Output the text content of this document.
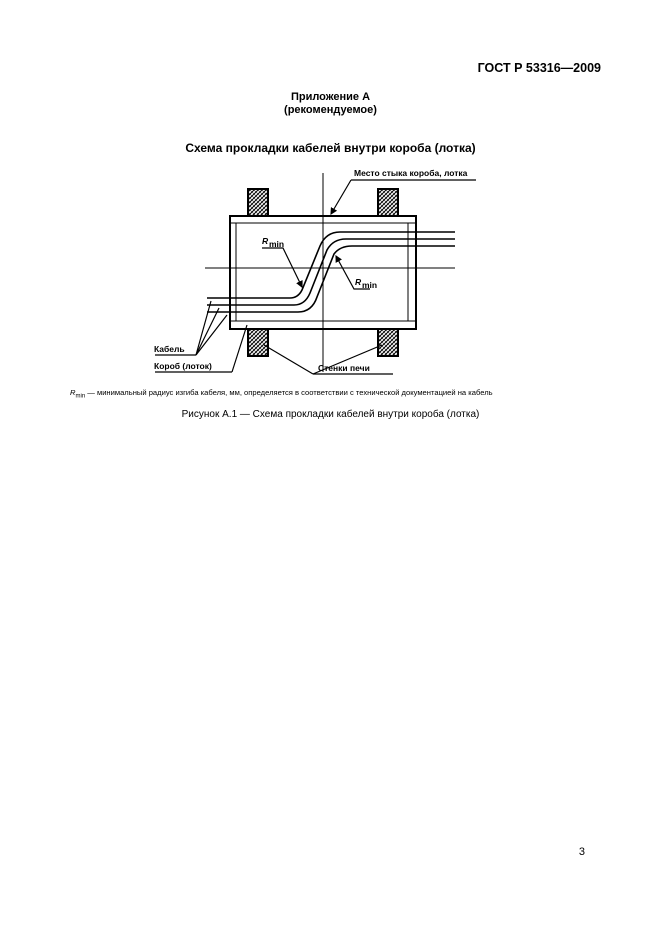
ГОСТ Р 53316—2009
Приложение А
(рекомендуемое)
Схема прокладки кабелей внутри короба (лотка)
Место стыка короба, лотка
Кабель
Короб (лоток)	Стенки печи
R min
R min
$R_{min}$ — минимальный радиус изгиба кабеля, мм, определяется в соответствии с технической документацией на кабель
Рисунок А.1 — Схема прокладки кабелей внутри короба (лотка)
3
